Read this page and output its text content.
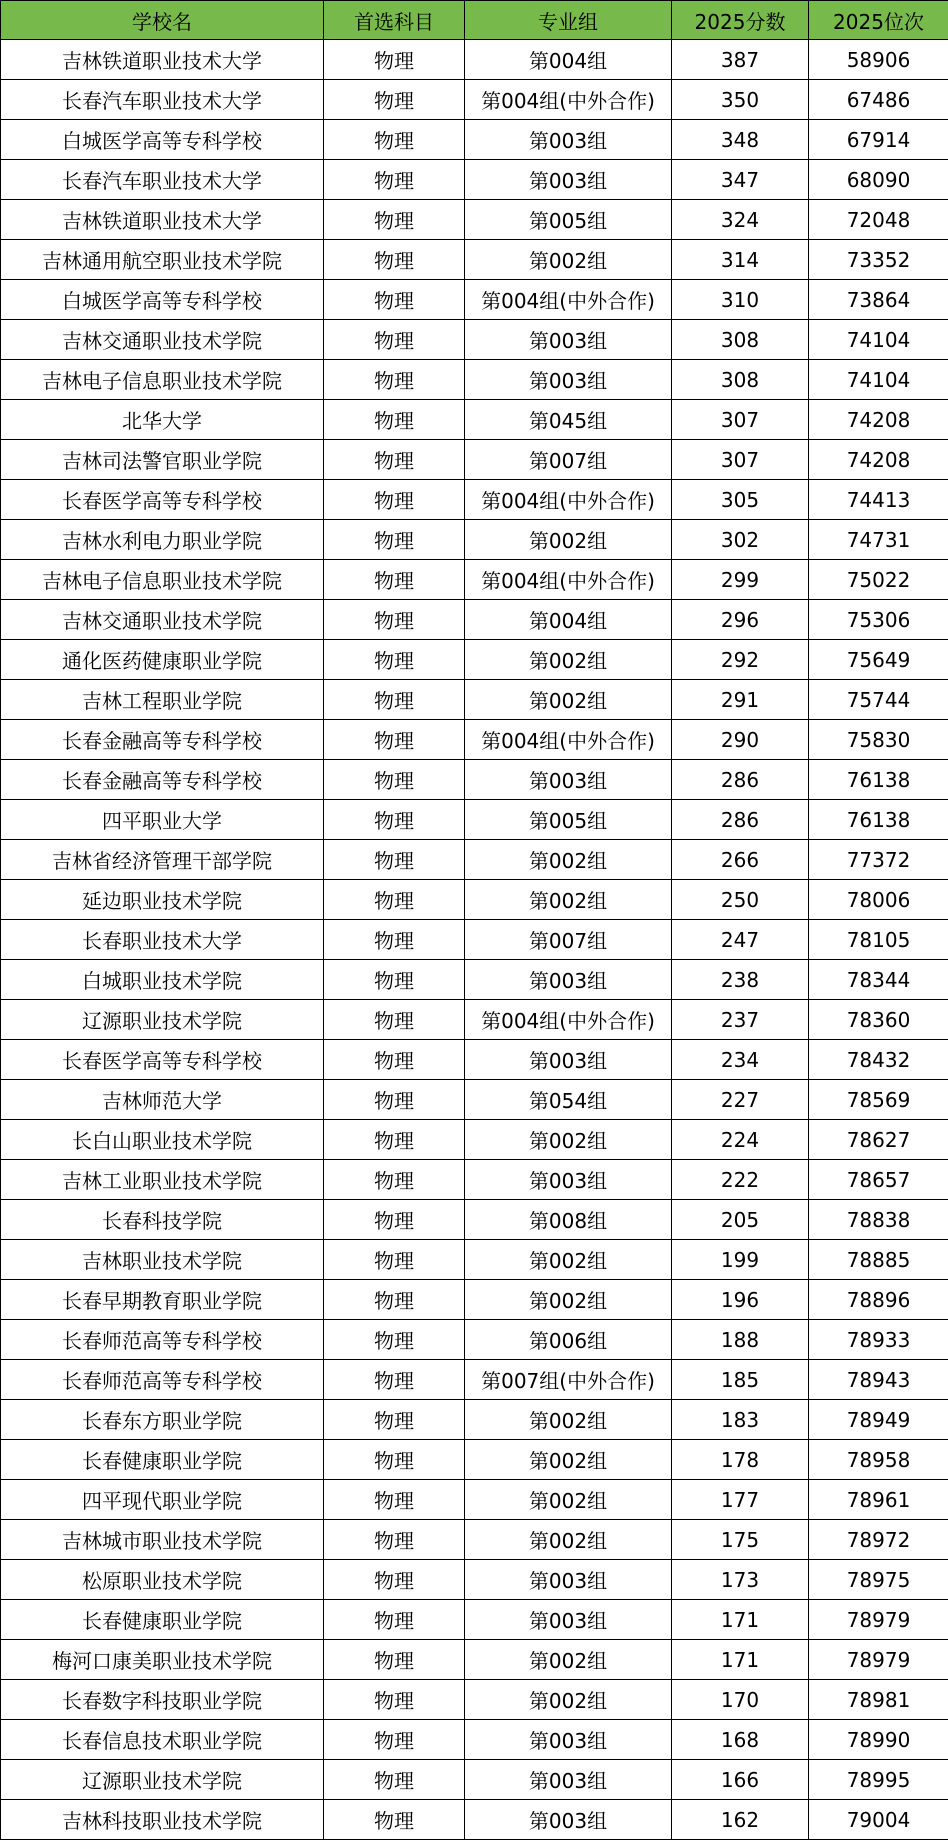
学校名	首选科目	专业组	2025分数	2025位次
吉林铁道职业技术大学	物理	第004组	387	58906
长春汽车职业技术大学	物理	第004组(中外合作)	350	67486
白城医学高等专科学校	物理	第003组	348	67914
长春汽车职业技术大学	物理	第003组	347	68090
吉林铁道职业技术大学	物理	第005组	324	72048
吉林通用航空职业技术学院	物理	第002组	314	73352
白城医学高等专科学校	物理	第004组(中外合作)	310	73864
吉林交通职业技术学院	物理	第003组	308	74104
吉林电子信息职业技术学院	物理	第003组	308	74104
北华大学	物理	第045组	307	74208
吉林司法警官职业学院	物理	第007组	307	74208
长春医学高等专科学校	物理	第004组(中外合作)	305	74413
吉林水利电力职业学院	物理	第002组	302	74731
吉林电子信息职业技术学院	物理	第004组(中外合作)	299	75022
吉林交通职业技术学院	物理	第004组	296	75306
通化医药健康职业学院	物理	第002组	292	75649
吉林工程职业学院	物理	第002组	291	75744
长春金融高等专科学校	物理	第004组(中外合作)	290	75830
长春金融高等专科学校	物理	第003组	286	76138
四平职业大学	物理	第005组	286	76138
吉林省经济管理干部学院	物理	第002组	266	77372
延边职业技术学院	物理	第002组	250	78006
长春职业技术大学	物理	第007组	247	78105
白城职业技术学院	物理	第003组	238	78344
辽源职业技术学院	物理	第004组(中外合作)	237	78360
长春医学高等专科学校	物理	第003组	234	78432
吉林师范大学	物理	第054组	227	78569
长白山职业技术学院	物理	第002组	224	78627
吉林工业职业技术学院	物理	第003组	222	78657
长春科技学院	物理	第008组	205	78838
吉林职业技术学院	物理	第002组	199	78885
长春早期教育职业学院	物理	第002组	196	78896
长春师范高等专科学校	物理	第006组	188	78933
长春师范高等专科学校	物理	第007组(中外合作)	185	78943
长春东方职业学院	物理	第002组	183	78949
长春健康职业学院	物理	第002组	178	78958
四平现代职业学院	物理	第002组	177	78961
吉林城市职业技术学院	物理	第002组	175	78972
松原职业技术学院	物理	第003组	173	78975
长春健康职业学院	物理	第003组	171	78979
梅河口康美职业技术学院	物理	第002组	171	78979
长春数字科技职业学院	物理	第002组	170	78981
长春信息技术职业学院	物理	第003组	168	78990
辽源职业技术学院	物理	第003组	166	78995
吉林科技职业技术学院	物理	第003组	162	79004
